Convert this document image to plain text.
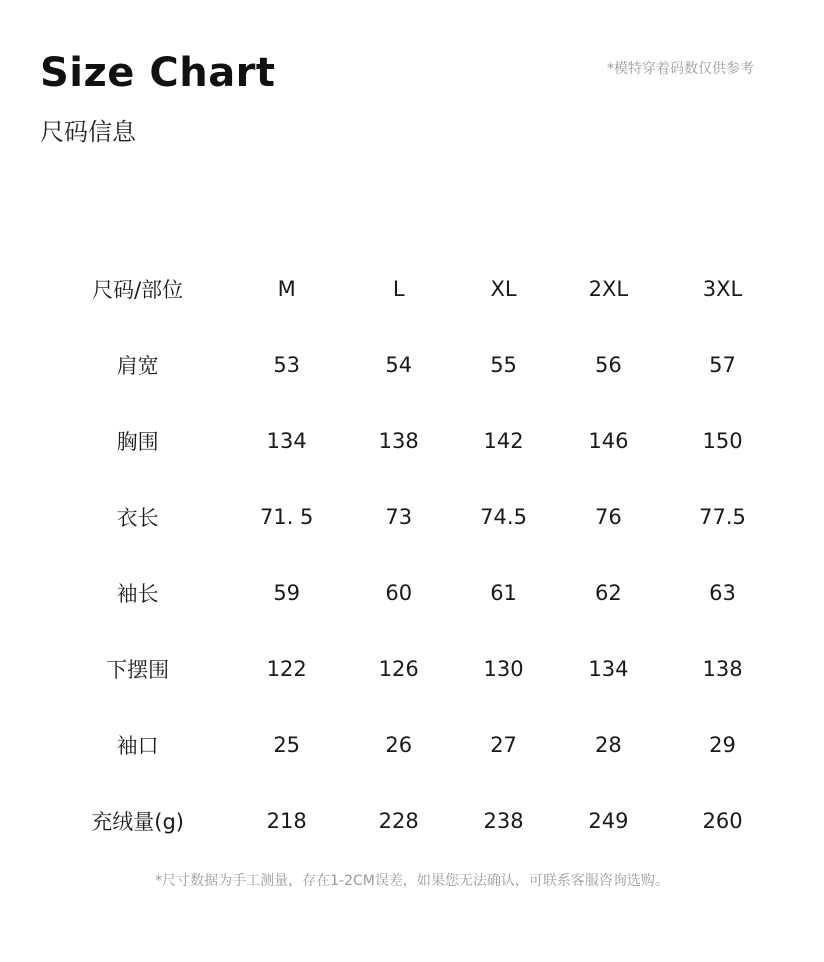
Size Chart
尺码信息
*模特穿着码数仅供参考
尺码/部位	M	L	XL	2XL	3XL
肩宽	53	54	55	56	57
胸围	134	138	142	146	150
衣长	71. 5	73	74.5	76	77.5
袖长	59	60	61	62	63
下摆围	122	126	130	134	138
袖口	25	26	27	28	29
充绒量(g)	218	228	238	249	260
*尺寸数据为手工测量，存在1-2CM误差，如果您无法确认，可联系客服咨询选购。
